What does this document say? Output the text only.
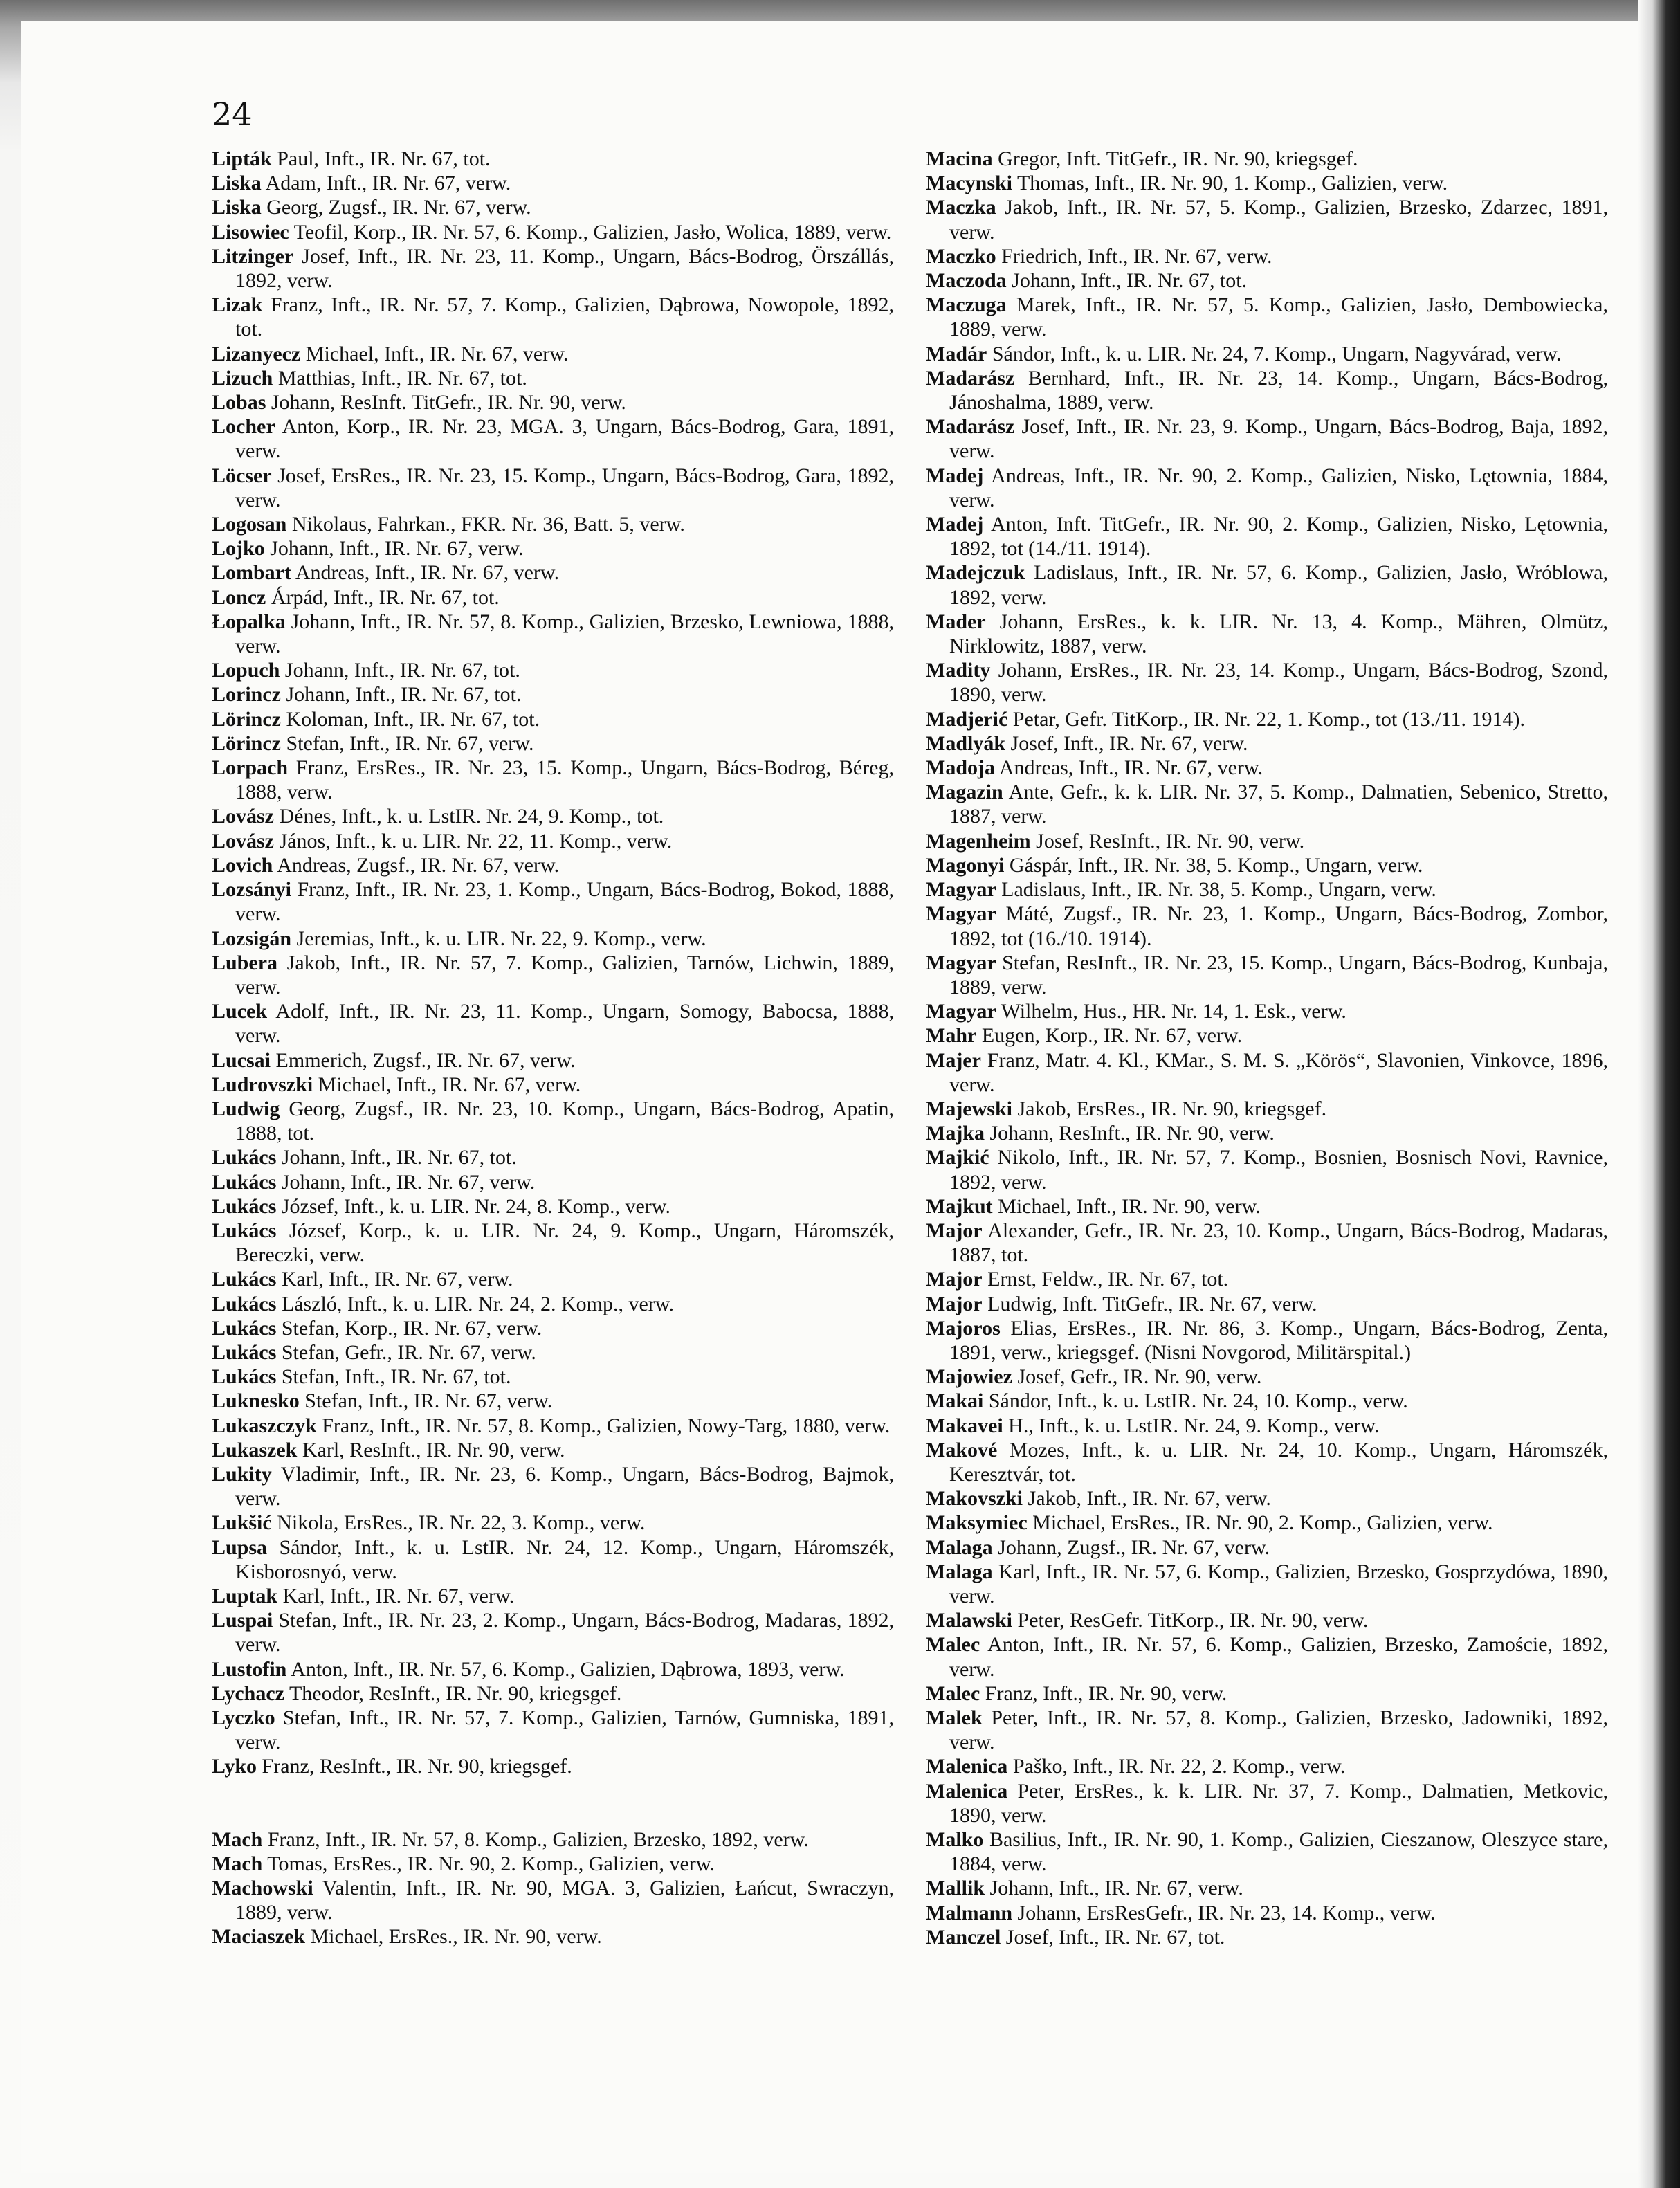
24
Lipták Paul, Inft., IR. Nr. 67, tot.
Liska Adam, Inft., IR. Nr. 67, verw.
Liska Georg, Zugsf., IR. Nr. 67, verw.
Lisowiec Teofil, Korp., IR. Nr. 57, 6. Komp., Galizien, Jasło, Wolica, 1889, verw.
Litzinger Josef, Inft., IR. Nr. 23, 11. Komp., Ungarn, Bács-Bodrog, Örszállás, 1892, verw.
Lizak Franz, Inft., IR. Nr. 57, 7. Komp., Galizien, Dąbrowa, Nowopole, 1892, tot.
Lizanyecz Michael, Inft., IR. Nr. 67, verw.
Lizuch Matthias, Inft., IR. Nr. 67, tot.
Lobas Johann, ResInft. TitGefr., IR. Nr. 90, verw.
Locher Anton, Korp., IR. Nr. 23, MGA. 3, Ungarn, Bács-Bodrog, Gara, 1891, verw.
Löcser Josef, ErsRes., IR. Nr. 23, 15. Komp., Ungarn, Bács-Bodrog, Gara, 1892, verw.
Logosan Nikolaus, Fahrkan., FKR. Nr. 36, Batt. 5, verw.
Lojko Johann, Inft., IR. Nr. 67, verw.
Lombart Andreas, Inft., IR. Nr. 67, verw.
Loncz Árpád, Inft., IR. Nr. 67, tot.
Łopalka Johann, Inft., IR. Nr. 57, 8. Komp., Galizien, Brzesko, Lewniowa, 1888, verw.
Lopuch Johann, Inft., IR. Nr. 67, tot.
Lorincz Johann, Inft., IR. Nr. 67, tot.
Lörincz Koloman, Inft., IR. Nr. 67, tot.
Lörincz Stefan, Inft., IR. Nr. 67, verw.
Lorpach Franz, ErsRes., IR. Nr. 23, 15. Komp., Ungarn, Bács-Bodrog, Béreg, 1888, verw.
Lovász Dénes, Inft., k. u. LstIR. Nr. 24, 9. Komp., tot.
Lovász János, Inft., k. u. LIR. Nr. 22, 11. Komp., verw.
Lovich Andreas, Zugsf., IR. Nr. 67, verw.
Lozsányi Franz, Inft., IR. Nr. 23, 1. Komp., Ungarn, Bács-Bodrog, Bokod, 1888, verw.
Lozsigán Jeremias, Inft., k. u. LIR. Nr. 22, 9. Komp., verw.
Lubera Jakob, Inft., IR. Nr. 57, 7. Komp., Galizien, Tarnów, Lichwin, 1889, verw.
Lucek Adolf, Inft., IR. Nr. 23, 11. Komp., Ungarn, Somogy, Babocsa, 1888, verw.
Lucsai Emmerich, Zugsf., IR. Nr. 67, verw.
Ludrovszki Michael, Inft., IR. Nr. 67, verw.
Ludwig Georg, Zugsf., IR. Nr. 23, 10. Komp., Ungarn, Bács-Bodrog, Apatin, 1888, tot.
Lukács Johann, Inft., IR. Nr. 67, tot.
Lukács Johann, Inft., IR. Nr. 67, verw.
Lukács József, Inft., k. u. LIR. Nr. 24, 8. Komp., verw.
Lukács József, Korp., k. u. LIR. Nr. 24, 9. Komp., Ungarn, Háromszék, Bereczki, verw.
Lukács Karl, Inft., IR. Nr. 67, verw.
Lukács László, Inft., k. u. LIR. Nr. 24, 2. Komp., verw.
Lukács Stefan, Korp., IR. Nr. 67, verw.
Lukács Stefan, Gefr., IR. Nr. 67, verw.
Lukács Stefan, Inft., IR. Nr. 67, tot.
Luknesko Stefan, Inft., IR. Nr. 67, verw.
Lukaszczyk Franz, Inft., IR. Nr. 57, 8. Komp., Galizien, Nowy-Targ, 1880, verw.
Lukaszek Karl, ResInft., IR. Nr. 90, verw.
Lukity Vladimir, Inft., IR. Nr. 23, 6. Komp., Ungarn, Bács-Bodrog, Bajmok, verw.
Lukšić Nikola, ErsRes., IR. Nr. 22, 3. Komp., verw.
Lupsa Sándor, Inft., k. u. LstIR. Nr. 24, 12. Komp., Ungarn, Háromszék, Kisborosnyó, verw.
Luptak Karl, Inft., IR. Nr. 67, verw.
Luspai Stefan, Inft., IR. Nr. 23, 2. Komp., Ungarn, Bács-Bodrog, Madaras, 1892, verw.
Lustofin Anton, Inft., IR. Nr. 57, 6. Komp., Galizien, Dąbrowa, 1893, verw.
Lychacz Theodor, ResInft., IR. Nr. 90, kriegsgef.
Lyczko Stefan, Inft., IR. Nr. 57, 7. Komp., Galizien, Tarnów, Gumniska, 1891, verw.
Lyko Franz, ResInft., IR. Nr. 90, kriegsgef.
Mach Franz, Inft., IR. Nr. 57, 8. Komp., Galizien, Brzesko, 1892, verw.
Mach Tomas, ErsRes., IR. Nr. 90, 2. Komp., Galizien, verw.
Machowski Valentin, Inft., IR. Nr. 90, MGA. 3, Galizien, Łańcut, Swraczyn, 1889, verw.
Maciaszek Michael, ErsRes., IR. Nr. 90, verw.
Macina Gregor, Inft. TitGefr., IR. Nr. 90, kriegsgef.
Macynski Thomas, Inft., IR. Nr. 90, 1. Komp., Galizien, verw.
Maczka Jakob, Inft., IR. Nr. 57, 5. Komp., Galizien, Brzesko, Zdarzec, 1891, verw.
Maczko Friedrich, Inft., IR. Nr. 67, verw.
Maczoda Johann, Inft., IR. Nr. 67, tot.
Maczuga Marek, Inft., IR. Nr. 57, 5. Komp., Galizien, Jasło, Dembowiecka, 1889, verw.
Madár Sándor, Inft., k. u. LIR. Nr. 24, 7. Komp., Ungarn, Nagyvárad, verw.
Madarász Bernhard, Inft., IR. Nr. 23, 14. Komp., Ungarn, Bács-Bodrog, Jánoshalma, 1889, verw.
Madarász Josef, Inft., IR. Nr. 23, 9. Komp., Ungarn, Bács-Bodrog, Baja, 1892, verw.
Madej Andreas, Inft., IR. Nr. 90, 2. Komp., Galizien, Nisko, Lętownia, 1884, verw.
Madej Anton, Inft. TitGefr., IR. Nr. 90, 2. Komp., Galizien, Nisko, Lętownia, 1892, tot (14./11. 1914).
Madejczuk Ladislaus, Inft., IR. Nr. 57, 6. Komp., Galizien, Jasło, Wróblowa, 1892, verw.
Mader Johann, ErsRes., k. k. LIR. Nr. 13, 4. Komp., Mähren, Olmütz, Nirklowitz, 1887, verw.
Madity Johann, ErsRes., IR. Nr. 23, 14. Komp., Ungarn, Bács-Bodrog, Szond, 1890, verw.
Madjerić Petar, Gefr. TitKorp., IR. Nr. 22, 1. Komp., tot (13./11. 1914).
Madlyák Josef, Inft., IR. Nr. 67, verw.
Madoja Andreas, Inft., IR. Nr. 67, verw.
Magazin Ante, Gefr., k. k. LIR. Nr. 37, 5. Komp., Dalmatien, Sebenico, Stretto, 1887, verw.
Magenheim Josef, ResInft., IR. Nr. 90, verw.
Magonyi Gáspár, Inft., IR. Nr. 38, 5. Komp., Ungarn, verw.
Magyar Ladislaus, Inft., IR. Nr. 38, 5. Komp., Ungarn, verw.
Magyar Máté, Zugsf., IR. Nr. 23, 1. Komp., Ungarn, Bács-Bodrog, Zombor, 1892, tot (16./10. 1914).
Magyar Stefan, ResInft., IR. Nr. 23, 15. Komp., Ungarn, Bács-Bodrog, Kunbaja, 1889, verw.
Magyar Wilhelm, Hus., HR. Nr. 14, 1. Esk., verw.
Mahr Eugen, Korp., IR. Nr. 67, verw.
Majer Franz, Matr. 4. Kl., KMar., S. M. S. „Körös“, Slavonien, Vinkovce, 1896, verw.
Majewski Jakob, ErsRes., IR. Nr. 90, kriegsgef.
Majka Johann, ResInft., IR. Nr. 90, verw.
Majkić Nikolo, Inft., IR. Nr. 57, 7. Komp., Bosnien, Bosnisch Novi, Ravnice, 1892, verw.
Majkut Michael, Inft., IR. Nr. 90, verw.
Major Alexander, Gefr., IR. Nr. 23, 10. Komp., Ungarn, Bács-Bodrog, Madaras, 1887, tot.
Major Ernst, Feldw., IR. Nr. 67, tot.
Major Ludwig, Inft. TitGefr., IR. Nr. 67, verw.
Majoros Elias, ErsRes., IR. Nr. 86, 3. Komp., Ungarn, Bács-Bodrog, Zenta, 1891, verw., kriegsgef. (Nisni Novgorod, Militärspital.)
Majowiez Josef, Gefr., IR. Nr. 90, verw.
Makai Sándor, Inft., k. u. LstIR. Nr. 24, 10. Komp., verw.
Makavei H., Inft., k. u. LstIR. Nr. 24, 9. Komp., verw.
Makové Mozes, Inft., k. u. LIR. Nr. 24, 10. Komp., Ungarn, Háromszék, Keresztvár, tot.
Makovszki Jakob, Inft., IR. Nr. 67, verw.
Maksymiec Michael, ErsRes., IR. Nr. 90, 2. Komp., Galizien, verw.
Malaga Johann, Zugsf., IR. Nr. 67, verw.
Malaga Karl, Inft., IR. Nr. 57, 6. Komp., Galizien, Brzesko, Gosprzydówa, 1890, verw.
Malawski Peter, ResGefr. TitKorp., IR. Nr. 90, verw.
Malec Anton, Inft., IR. Nr. 57, 6. Komp., Galizien, Brzesko, Zamoście, 1892, verw.
Malec Franz, Inft., IR. Nr. 90, verw.
Malek Peter, Inft., IR. Nr. 57, 8. Komp., Galizien, Brzesko, Jadowniki, 1892, verw.
Malenica Paško, Inft., IR. Nr. 22, 2. Komp., verw.
Malenica Peter, ErsRes., k. k. LIR. Nr. 37, 7. Komp., Dalmatien, Metkovic, 1890, verw.
Malko Basilius, Inft., IR. Nr. 90, 1. Komp., Galizien, Cieszanow, Oleszyce stare, 1884, verw.
Mallik Johann, Inft., IR. Nr. 67, verw.
Malmann Johann, ErsResGefr., IR. Nr. 23, 14. Komp., verw.
Manczel Josef, Inft., IR. Nr. 67, tot.
